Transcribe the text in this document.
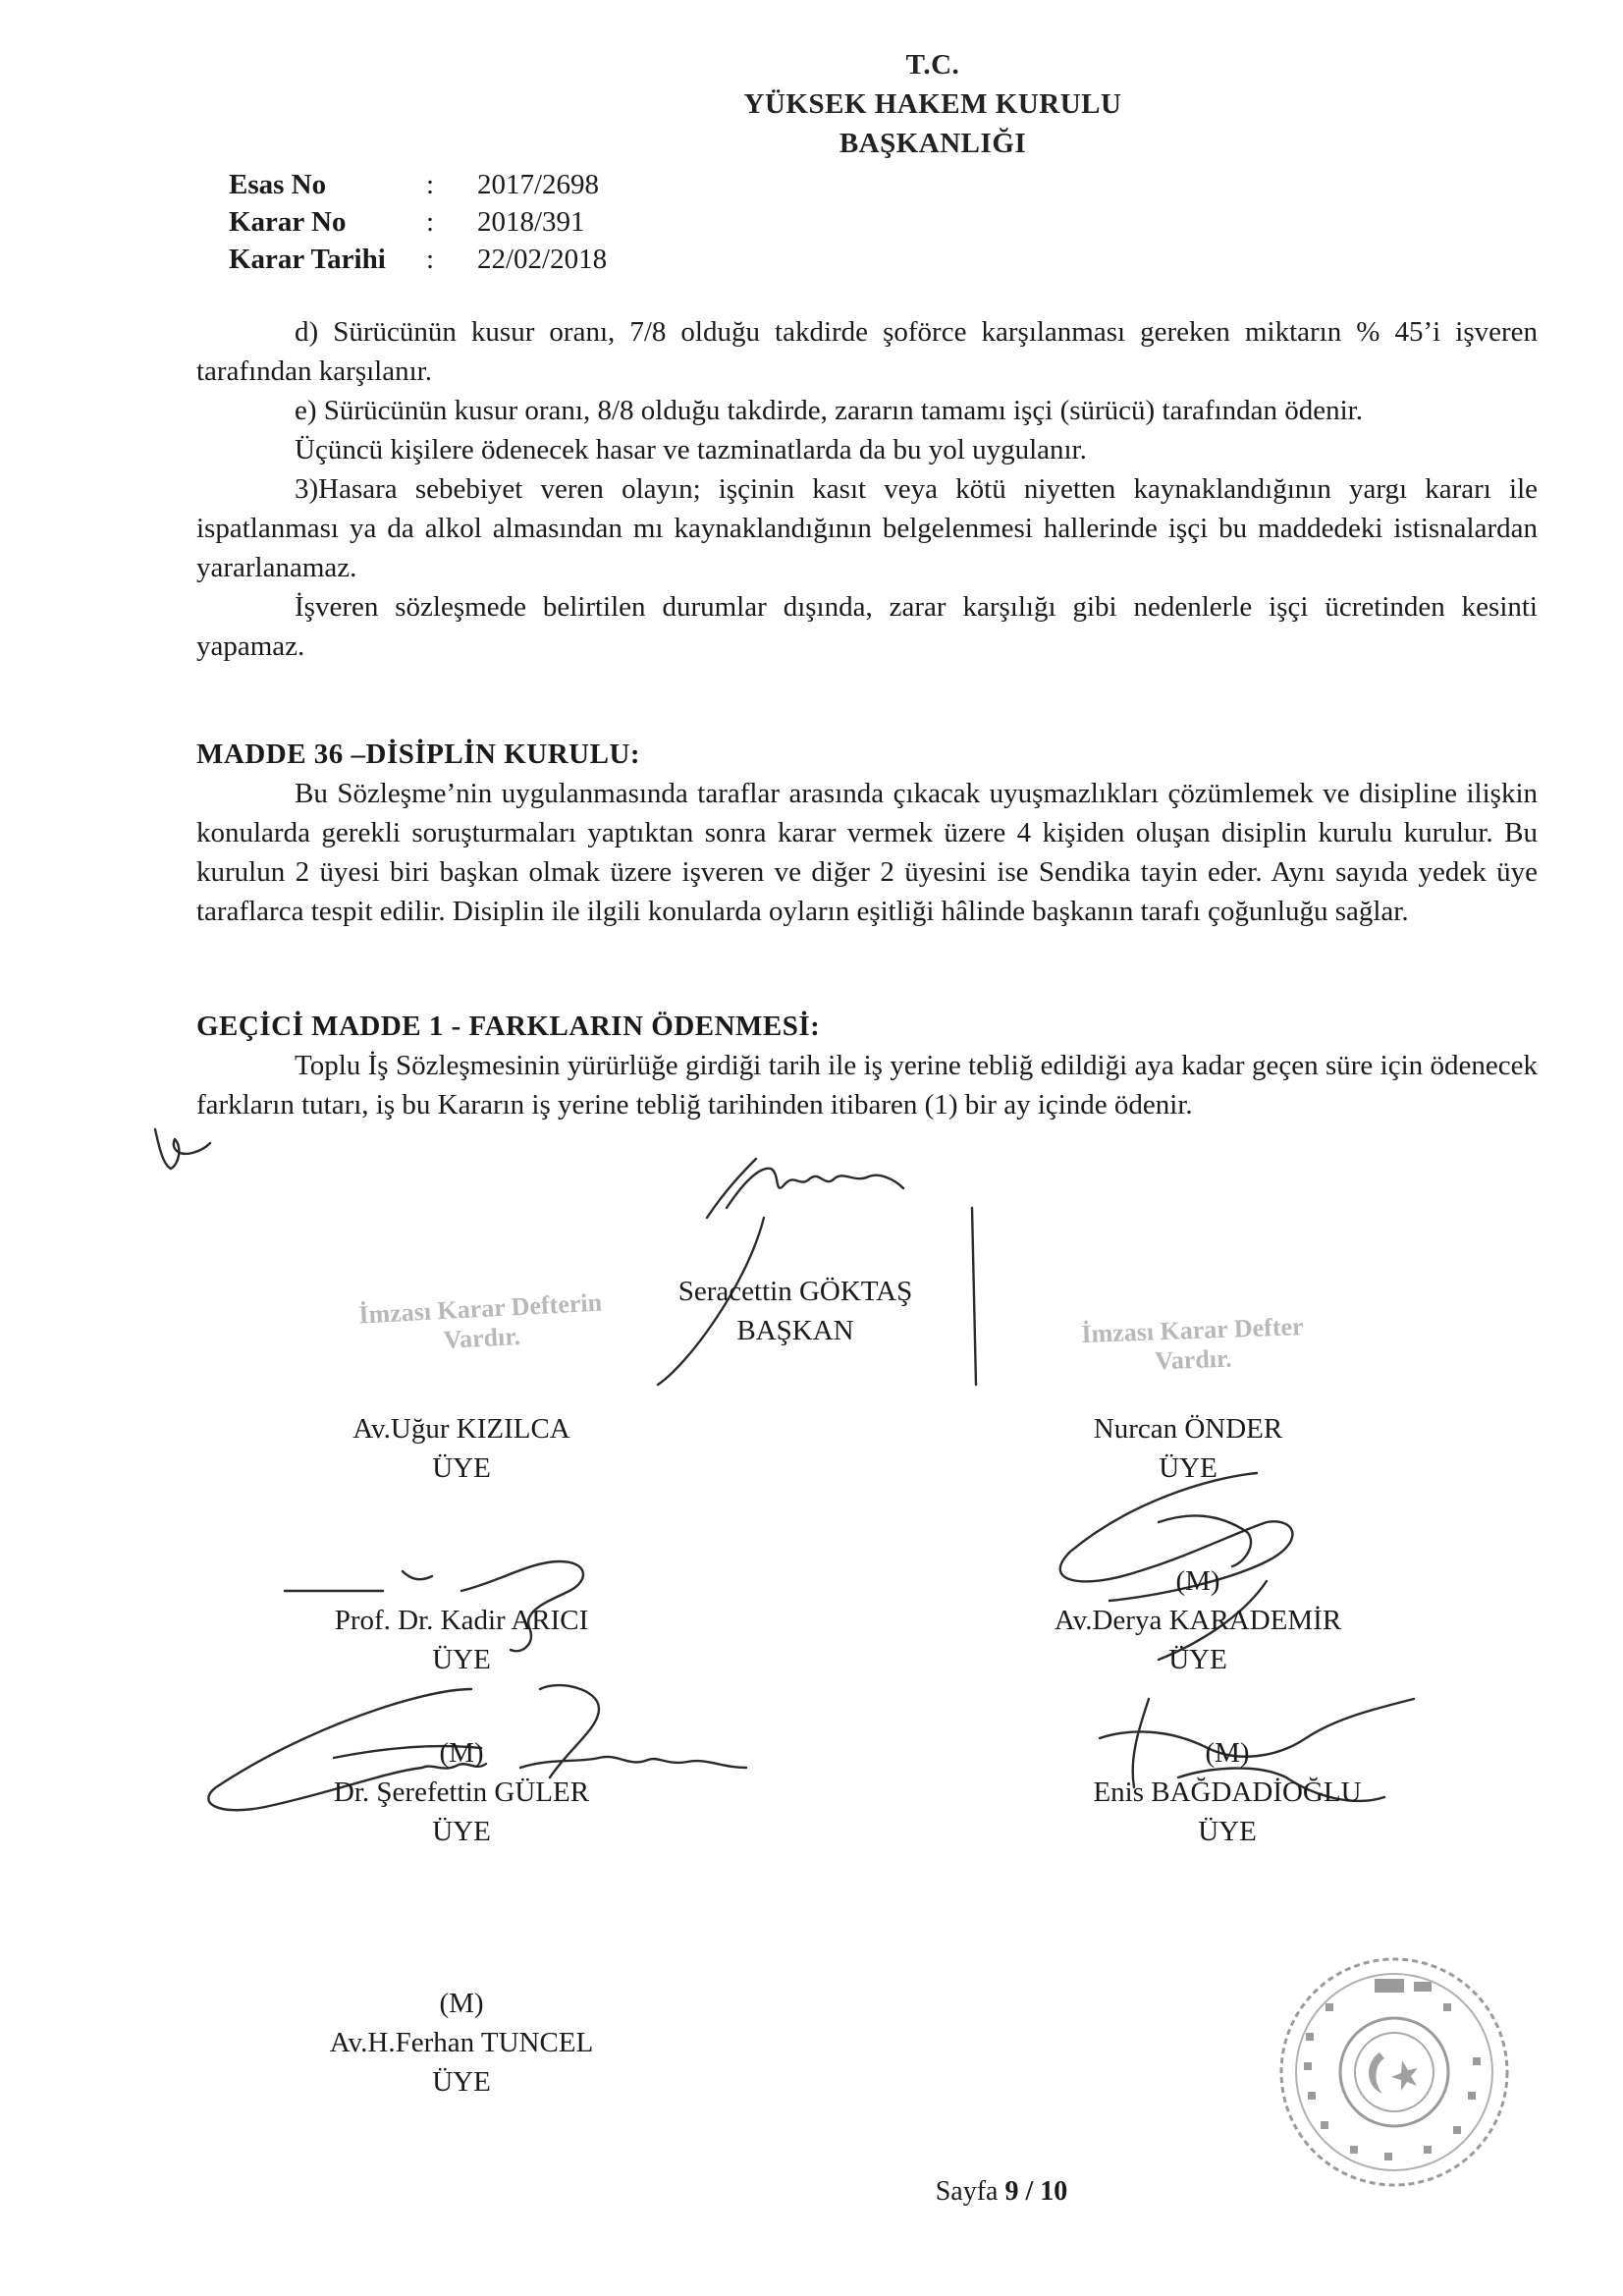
T.C.
YÜKSEK HAKEM KURULU
BAŞKANLIĞI
Esas No	: 2017/2698
Karar No	: 2018/391
Karar Tarihi : 22/02/2018

d) Sürücünün kusur oranı, 7/8 olduğu takdirde şoförce karşılanması gereken miktarın % 45’i işveren tarafından karşılanır.

e) Sürücünün kusur oranı, 8/8 olduğu takdirde, zararın tamamı işçi (sürücü) tarafından ödenir.

Üçüncü kişilere ödenecek hasar ve tazminatlarda da bu yol uygulanır.

3)Hasara sebebiyet veren olayın; işçinin kasıt veya kötü niyetten kaynaklandığının yargı kararı ile ispatlanması ya da alkol almasından mı kaynaklandığının belgelenmesi hallerinde işçi bu maddedeki istisnalardan yararlanamaz.

İşveren sözleşmede belirtilen durumlar dışında, zarar karşılığı gibi nedenlerle işçi ücretinden kesinti yapamaz.

MADDE 36 –DİSİPLİN KURULU:

Bu Sözleşme’nin uygulanmasında taraflar arasında çıkacak uyuşmazlıkları çözümlemek ve disipline ilişkin konularda gerekli soruşturmaları yaptıktan sonra karar vermek üzere 4 kişiden oluşan disiplin kurulu kurulur. Bu kurulun 2 üyesi biri başkan olmak üzere işveren ve diğer 2 üyesini ise Sendika tayin eder. Aynı sayıda yedek üye taraflarca tespit edilir. Disiplin ile ilgili konularda oyların eşitliği hâlinde başkanın tarafı çoğunluğu sağlar.

GEÇİCİ MADDE 1 - FARKLARIN ÖDENMESİ:

Toplu İş Sözleşmesinin yürürlüğe girdiği tarih ile iş yerine tebliğ edildiği aya kadar geçen süre için ödenecek farkların tutarı, iş bu Kararın iş yerine tebliğ tarihinden itibaren (1) bir ay içinde ödenir.

Seracettin GÖKTAŞ
BAŞKAN
İmzası Karar Defterin
Vardır.	İmzası Karar Defter
Vardır.
Av.Uğur KIZILCA
ÜYE
Nurcan ÖNDER
ÜYE
Prof. Dr. Kadir ARICI
ÜYE
(M)
Av.Derya KARADEMİR
ÜYE
(M)
Dr. Şerefettin GÜLER
ÜYE
(M)
Enis BAĞDADİOĞLU
ÜYE
(M)
Av.H.Ferhan TUNCEL
ÜYE
Sayfa 9 / 10
